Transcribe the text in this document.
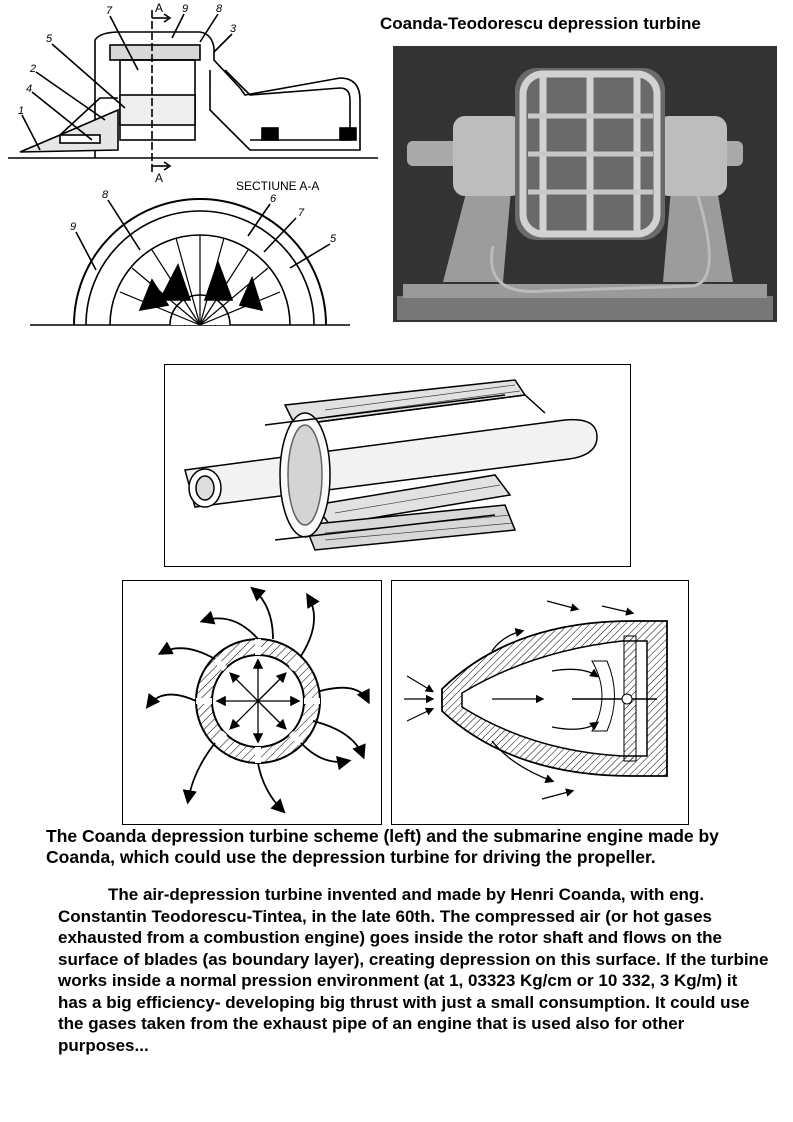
Coanda-Teodorescu depression turbine
7	9	8
3
5
2
4
1
9
8	6
7
5
A
A
SECTIUNE A-A
The Coanda depression turbine scheme (left) and the submarine engine made by Coanda, which could use the depression turbine for driving the propeller.
The air-depression turbine invented and made by Henri Coanda, with eng. Constantin Teodorescu-Tintea, in the late 60th. The compressed air (or hot gases exhausted from a combustion engine) goes inside the rotor shaft and flows on the surface of blades (as boundary layer), creating depression on this surface. If the turbine works inside a normal pression environment (at 1, 03323 Kg/cm or 10 332, 3 Kg/m) it has a big efficiency- developing big thrust with just a small consumption. It could use the gases taken from the exhaust pipe of an engine that is used also for other purposes...
